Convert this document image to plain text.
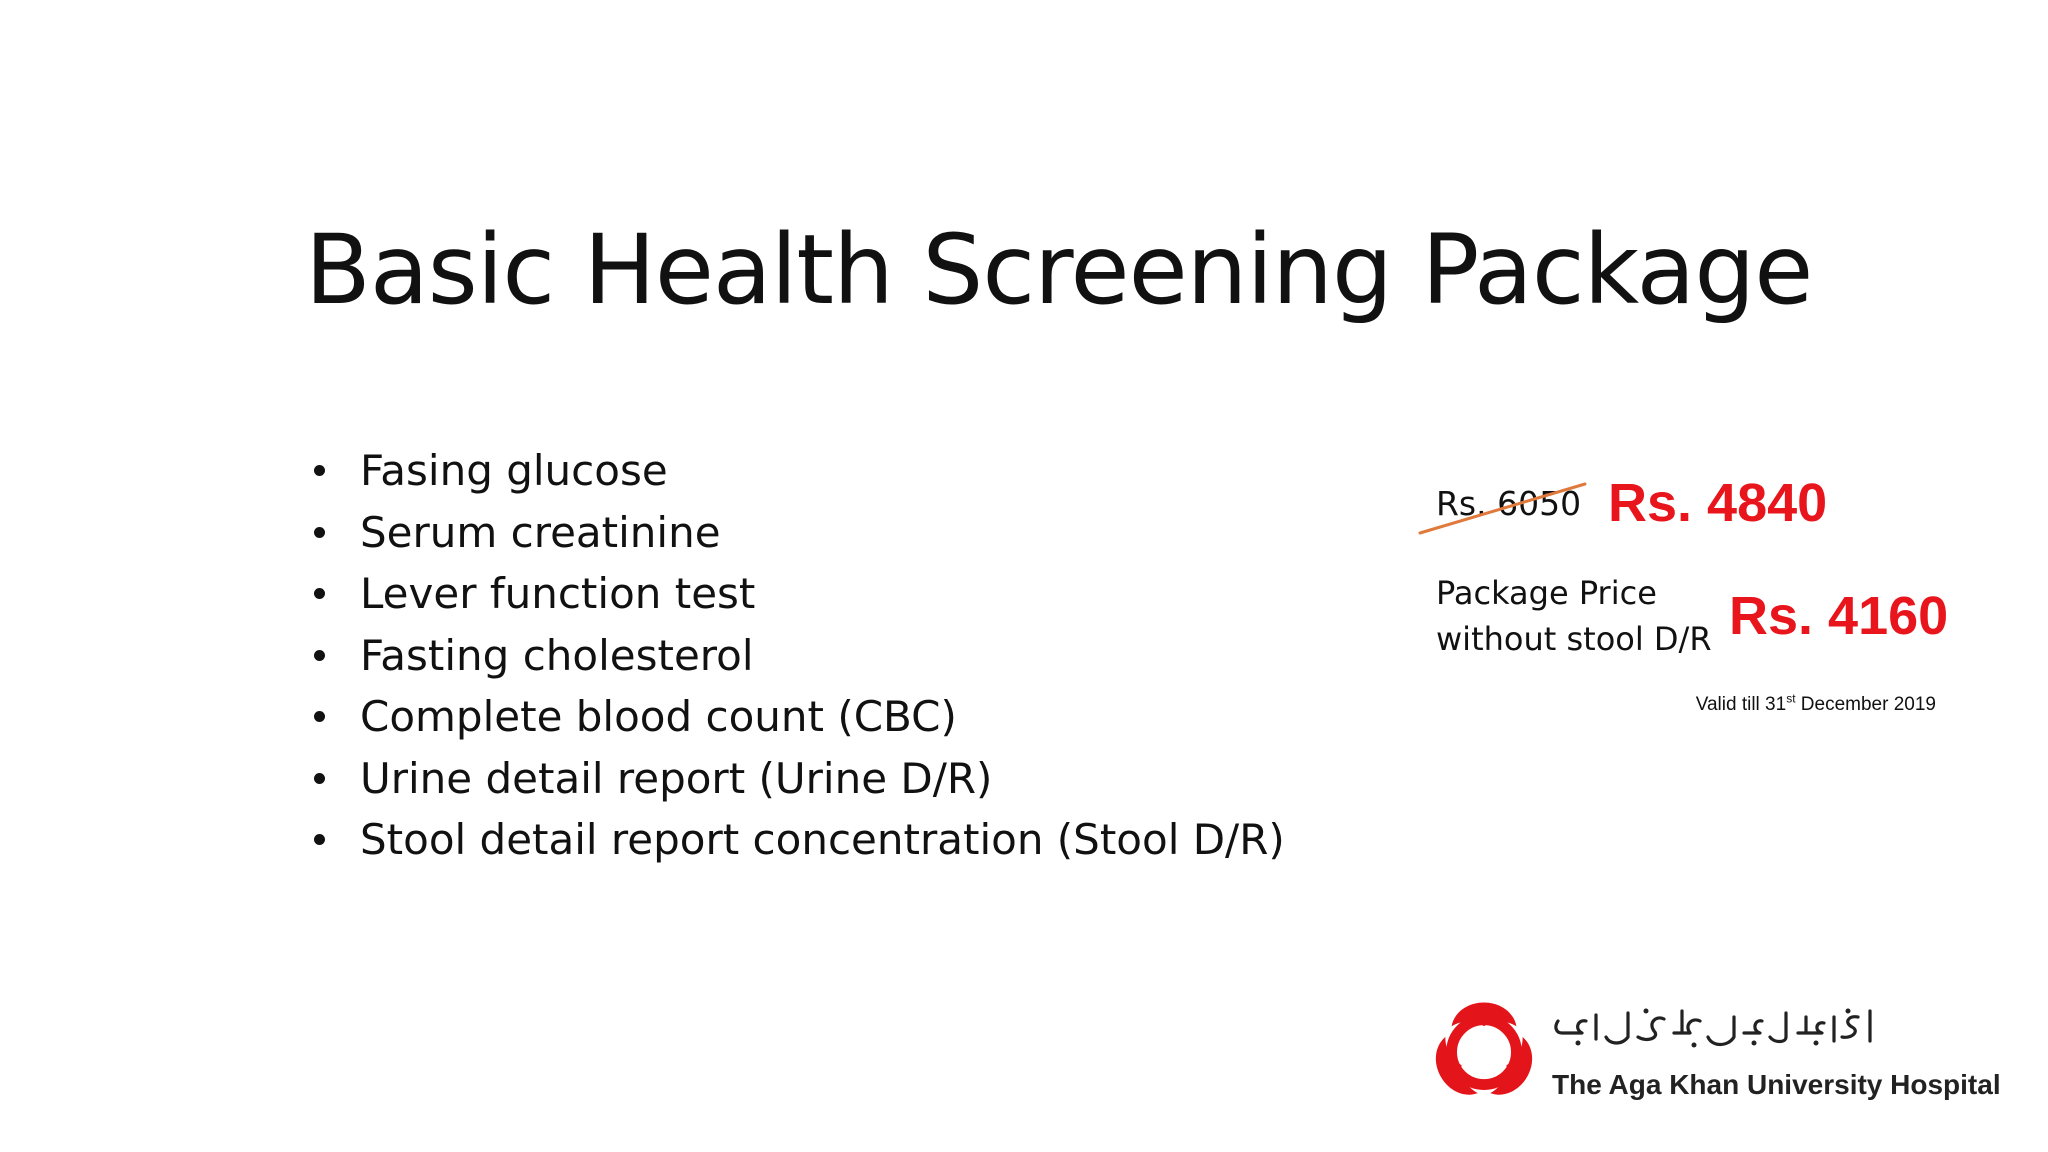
Basic Health Screening Package
Fasing glucose
Serum creatinine
Lever function test
Fasting cholesterol
Complete blood count (CBC)
Urine detail report (Urine D/R)
Stool detail report concentration (Stool D/R)
Rs. 6050 Rs. 4840
Package Price
without stool D/R Rs. 4160
Valid till 31st December 2019
The Aga Khan University Hospital
